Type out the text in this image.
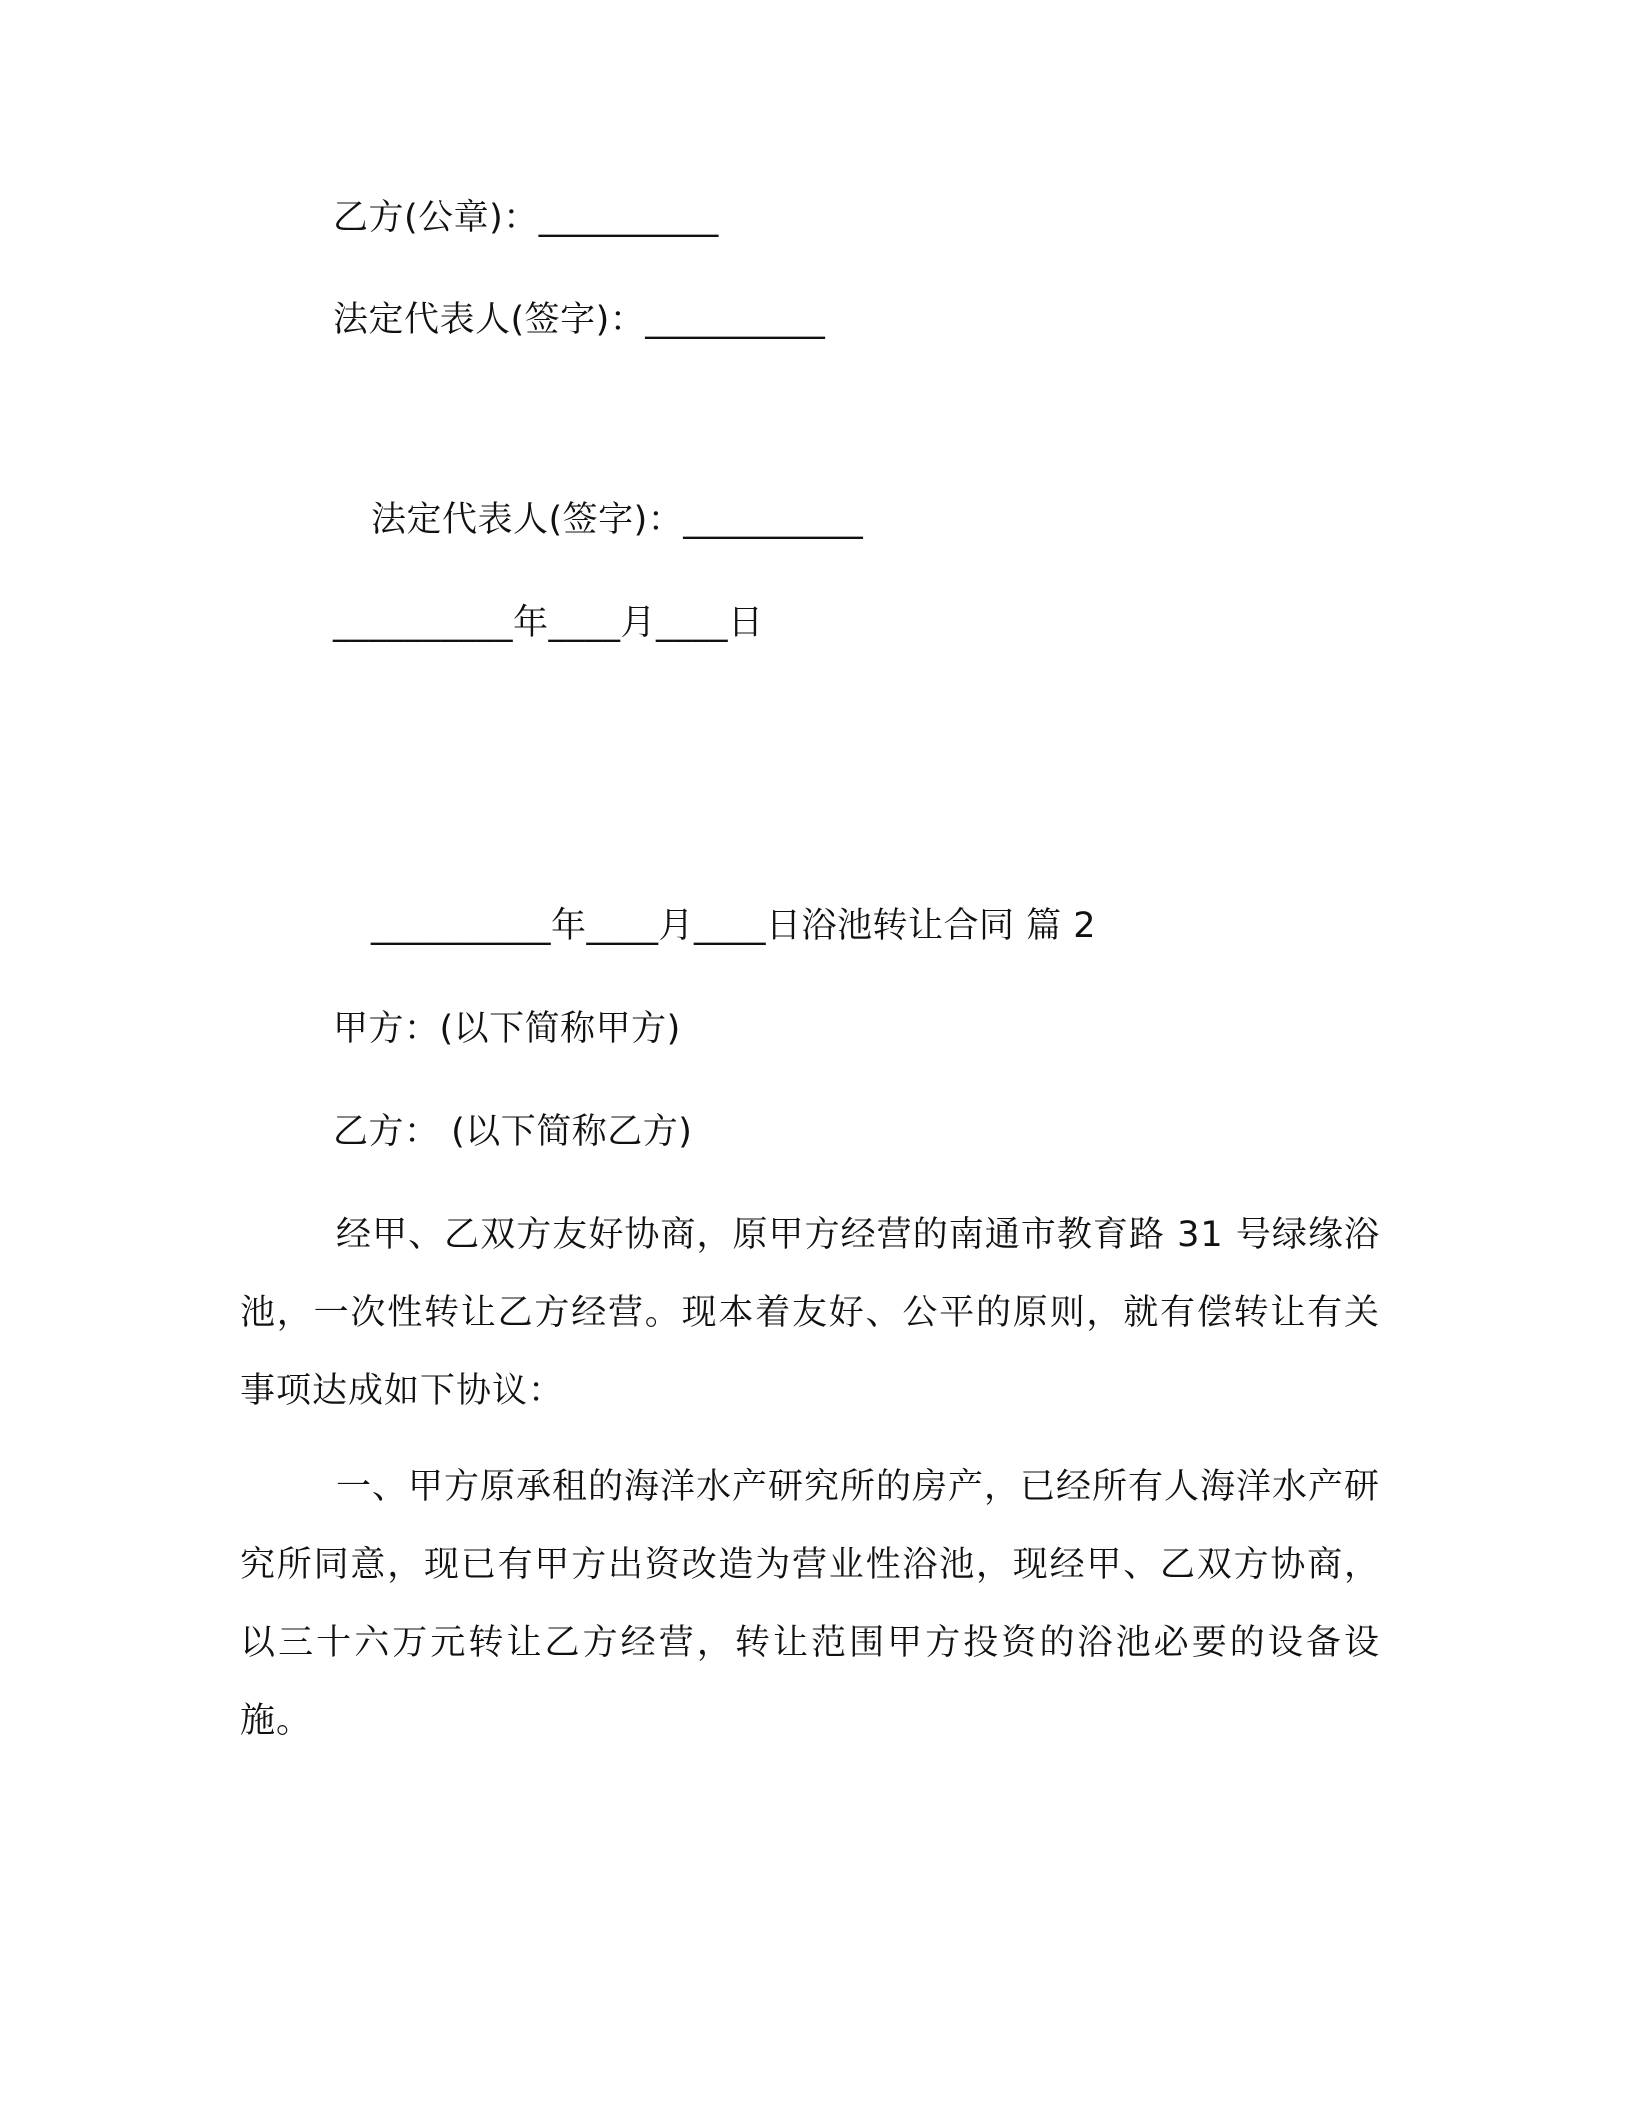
乙方(公章)：__________
法定代表人(签字)：__________
法定代表人(签字)：__________
__________年____月____日
__________年____月____日浴池转让合同 篇 2
甲方：(以下简称甲方)
乙方： (以下简称乙方)
经甲、乙双方友好协商，原甲方经营的南通市教育路 31 号绿缘浴池，一次性转让乙方经营。现本着友好、公平的原则，就有偿转让有关事项达成如下协议：
一、甲方原承租的海洋水产研究所的房产，已经所有人海洋水产研究所同意，现已有甲方出资改造为营业性浴池，现经甲、乙双方协商，以三十六万元转让乙方经营，转让范围甲方投资的浴池必要的设备设施。
